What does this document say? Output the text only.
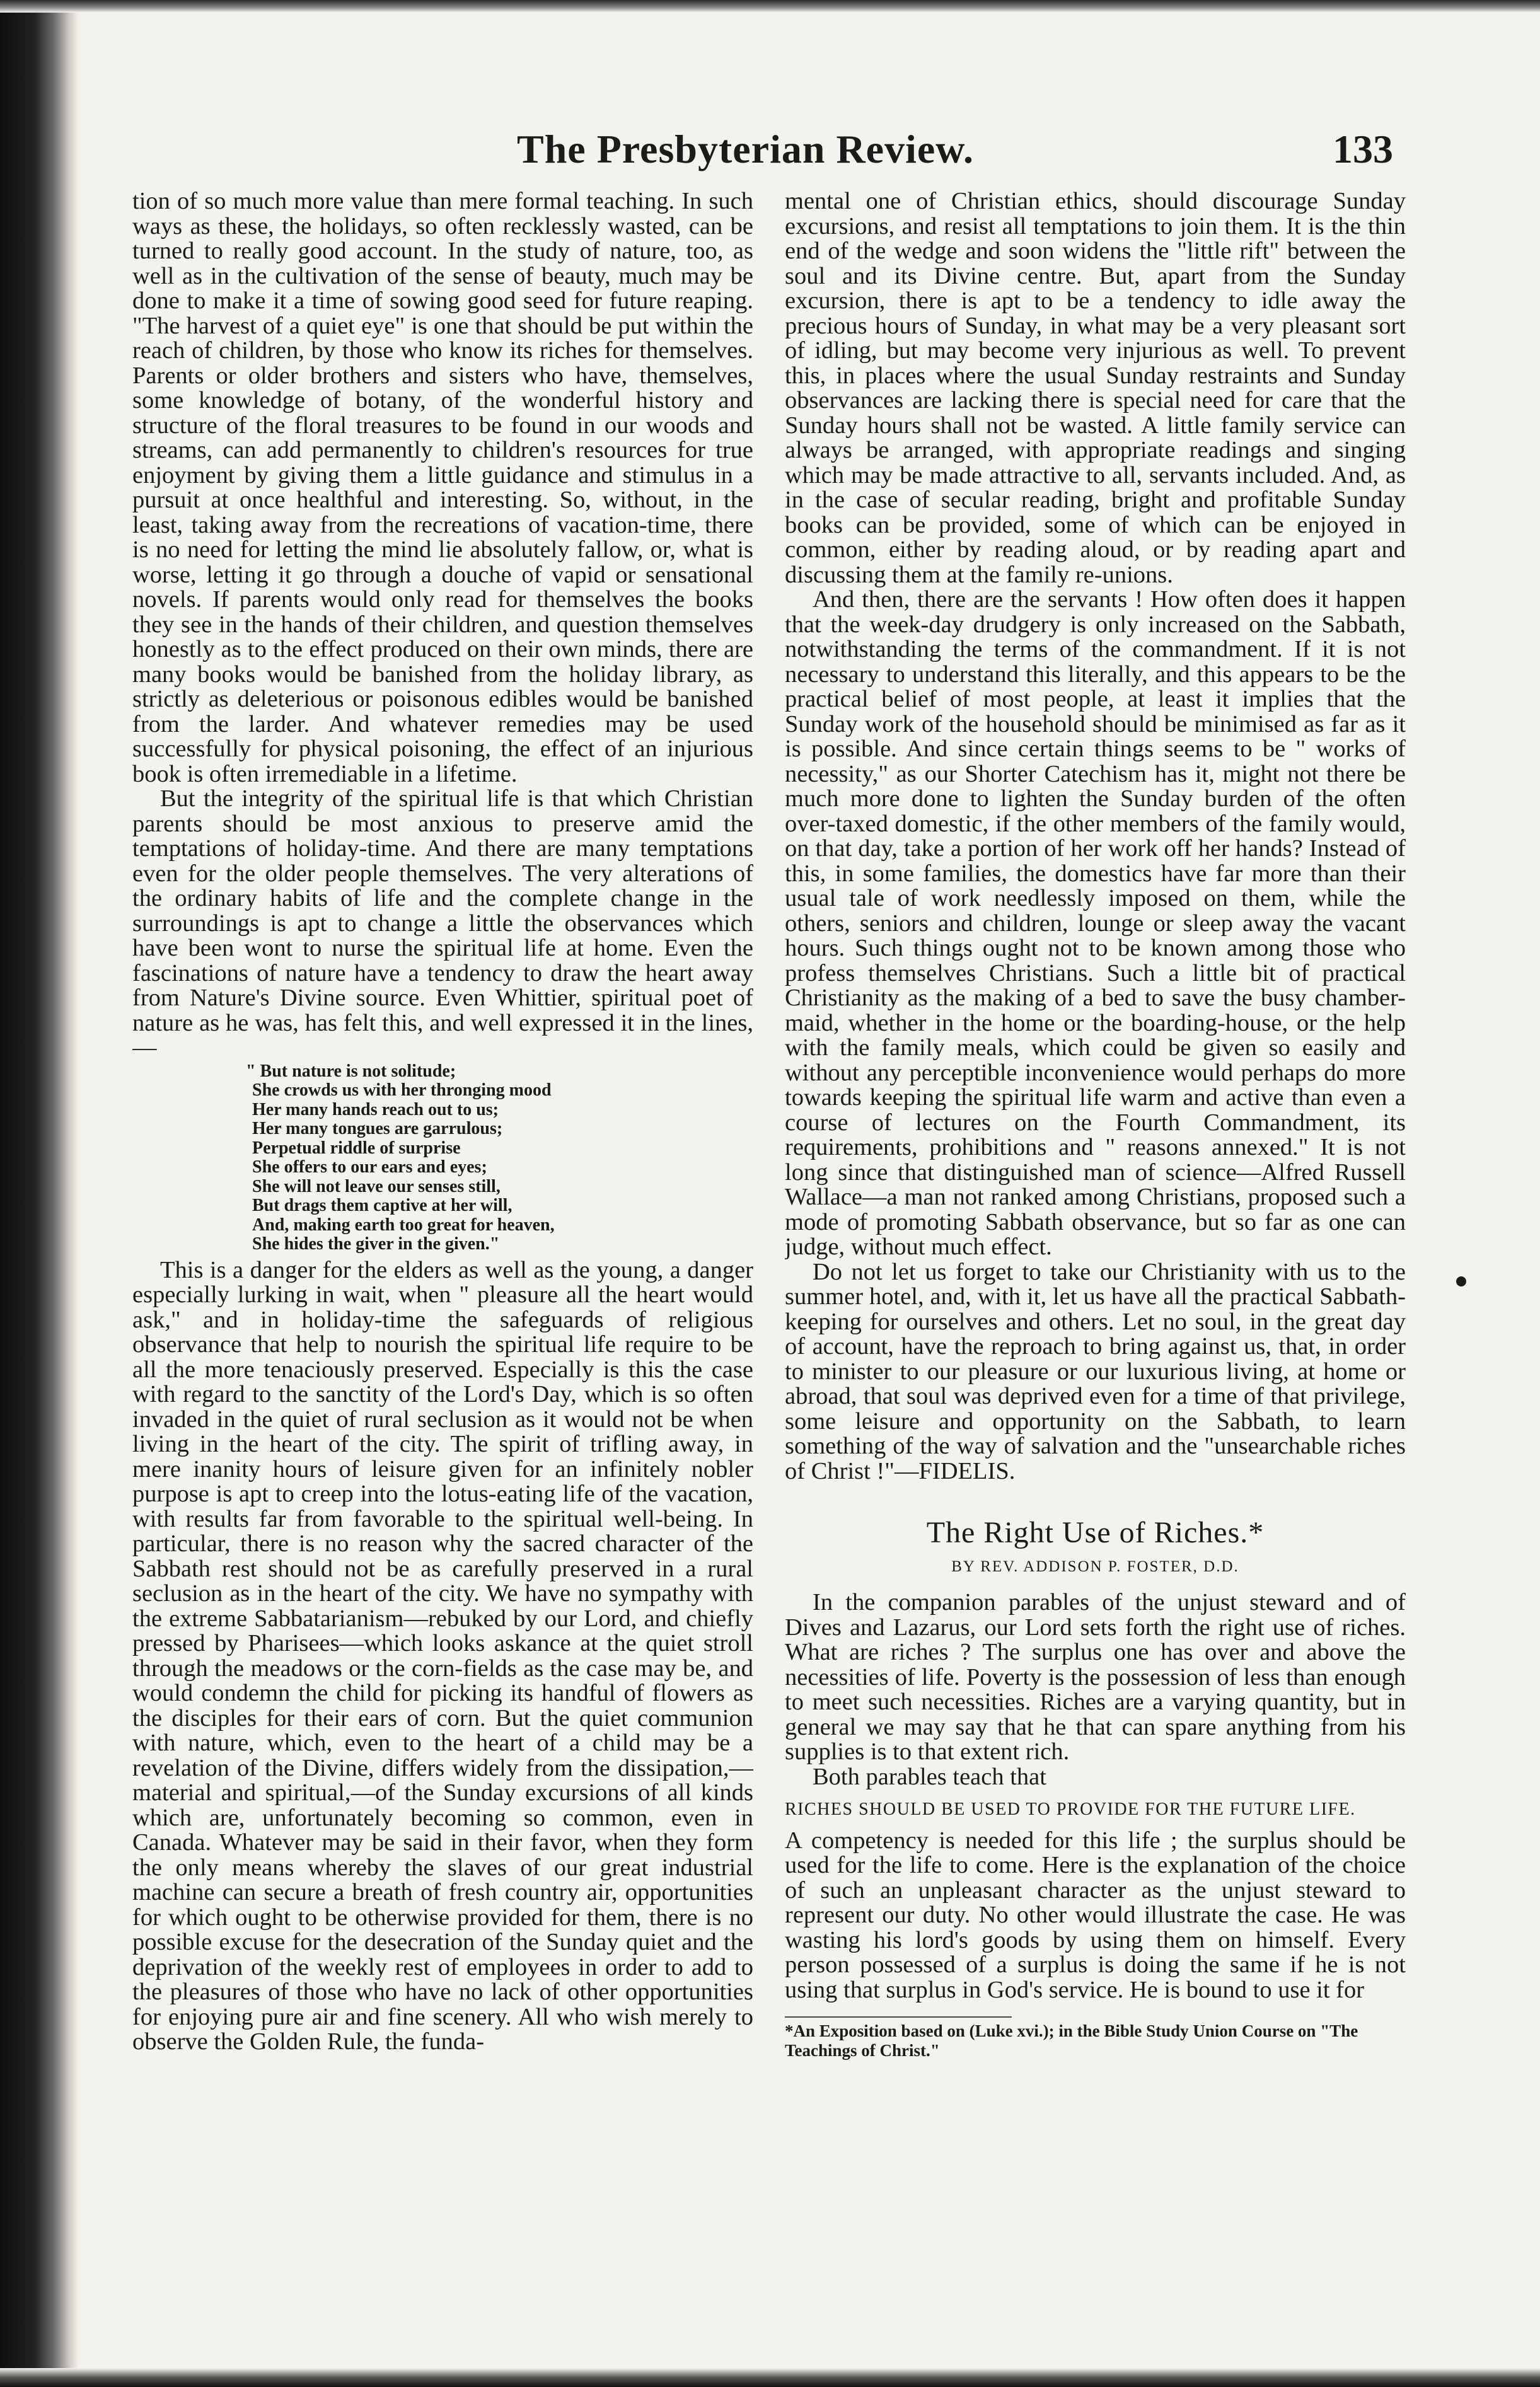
The Presbyterian Review.	133

tion of so much more value than mere formal teaching. In such ways as these, the holidays, so often recklessly wasted, can be turned to really good account. In the study of nature, too, as well as in the cultivation of the sense of beauty, much may be done to make it a time of sowing good seed for future reaping. "The harvest of a quiet eye" is one that should be put within the reach of children, by those who know its riches for themselves. Parents or older brothers and sisters who have, themselves, some knowledge of botany, of the wonderful history and structure of the floral treasures to be found in our woods and streams, can add permanently to children's resources for true enjoyment by giving them a little guidance and stimulus in a pursuit at once healthful and interesting. So, without, in the least, taking away from the recreations of vacation-time, there is no need for letting the mind lie absolutely fallow, or, what is worse, letting it go through a douche of vapid or sensational novels. If parents would only read for themselves the books they see in the hands of their children, and question themselves honestly as to the effect produced on their own minds, there are many books would be banished from the holiday library, as strictly as deleterious or poisonous edibles would be banished from the larder. And whatever remedies may be used successfully for physical poisoning, the effect of an injurious book is often irremediable in a lifetime.

But the integrity of the spiritual life is that which Christian parents should be most anxious to preserve amid the temptations of holiday-time. And there are many temptations even for the older people themselves. The very alterations of the ordinary habits of life and the complete change in the surroundings is apt to change a little the observances which have been wont to nurse the spiritual life at home. Even the fascinations of nature have a tendency to draw the heart away from Nature's Divine source. Even Whittier, spiritual poet of nature as he was, has felt this, and well expressed it in the lines,—

" But nature is not solitude;
She crowds us with her thronging mood
Her many hands reach out to us;
Her many tongues are garrulous;
Perpetual riddle of surprise
She offers to our ears and eyes;
She will not leave our senses still,
But drags them captive at her will,
And, making earth too great for heaven,
She hides the giver in the given."

This is a danger for the elders as well as the young, a danger especially lurking in wait, when " pleasure all the heart would ask," and in holiday-time the safeguards of religious observance that help to nourish the spiritual life require to be all the more tenaciously preserved. Especially is this the case with regard to the sanctity of the Lord's Day, which is so often invaded in the quiet of rural seclusion as it would not be when living in the heart of the city. The spirit of trifling away, in mere inanity hours of leisure given for an infinitely nobler purpose is apt to creep into the lotus-eating life of the vacation, with results far from favorable to the spiritual well-being. In particular, there is no reason why the sacred character of the Sabbath rest should not be as carefully preserved in a rural seclusion as in the heart of the city. We have no sympathy with the extreme Sabbatarianism—rebuked by our Lord, and chiefly pressed by Pharisees—which looks askance at the quiet stroll through the meadows or the corn-fields as the case may be, and would condemn the child for picking its handful of flowers as the disciples for their ears of corn. But the quiet communion with nature, which, even to the heart of a child may be a revelation of the Divine, differs widely from the dissipation,—material and spiritual,—of the Sunday excursions of all kinds which are, unfortunately becoming so common, even in Canada. Whatever may be said in their favor, when they form the only means whereby the slaves of our great industrial machine can secure a breath of fresh country air, opportunities for which ought to be otherwise provided for them, there is no possible excuse for the desecration of the Sunday quiet and the deprivation of the weekly rest of employees in order to add to the pleasures of those who have no lack of other opportunities for enjoying pure air and fine scenery. All who wish merely to observe the Golden Rule, the funda-

mental one of Christian ethics, should discourage Sunday excursions, and resist all temptations to join them. It is the thin end of the wedge and soon widens the "little rift" between the soul and its Divine centre. But, apart from the Sunday excursion, there is apt to be a tendency to idle away the precious hours of Sunday, in what may be a very pleasant sort of idling, but may become very injurious as well. To prevent this, in places where the usual Sunday restraints and Sunday observances are lacking there is special need for care that the Sunday hours shall not be wasted. A little family service can always be arranged, with appropriate readings and singing which may be made attractive to all, servants included. And, as in the case of secular reading, bright and profitable Sunday books can be provided, some of which can be enjoyed in common, either by reading aloud, or by reading apart and discussing them at the family re-unions.

And then, there are the servants ! How often does it happen that the week-day drudgery is only increased on the Sabbath, notwithstanding the terms of the commandment. If it is not necessary to understand this literally, and this appears to be the practical belief of most people, at least it implies that the Sunday work of the household should be minimised as far as it is possible. And since certain things seems to be " works of necessity," as our Shorter Catechism has it, might not there be much more done to lighten the Sunday burden of the often over-taxed domestic, if the other members of the family would, on that day, take a portion of her work off her hands? Instead of this, in some families, the domestics have far more than their usual tale of work needlessly imposed on them, while the others, seniors and children, lounge or sleep away the vacant hours. Such things ought not to be known among those who profess themselves Christians. Such a little bit of practical Christianity as the making of a bed to save the busy chamber-maid, whether in the home or the boarding-house, or the help with the family meals, which could be given so easily and without any perceptible inconvenience would perhaps do more towards keeping the spiritual life warm and active than even a course of lectures on the Fourth Commandment, its requirements, prohibitions and " reasons annexed." It is not long since that distinguished man of science—Alfred Russell Wallace—a man not ranked among Christians, proposed such a mode of promoting Sabbath observance, but so far as one can judge, without much effect.

Do not let us forget to take our Christianity with us to the summer hotel, and, with it, let us have all the practical Sabbath-keeping for ourselves and others. Let no soul, in the great day of account, have the reproach to bring against us, that, in order to minister to our pleasure or our luxurious living, at home or abroad, that soul was deprived even for a time of that privilege, some leisure and opportunity on the Sabbath, to learn something of the way of salvation and the "unsearchable riches of Christ !"—FIDELIS.

The Right Use of Riches.*
BY REV. ADDISON P. FOSTER, D.D.

In the companion parables of the unjust steward and of Dives and Lazarus, our Lord sets forth the right use of riches. What are riches ? The surplus one has over and above the necessities of life. Poverty is the possession of less than enough to meet such necessities. Riches are a varying quantity, but in general we may say that he that can spare anything from his supplies is to that extent rich.

Both parables teach that

RICHES SHOULD BE USED TO PROVIDE FOR THE FUTURE LIFE.

A competency is needed for this life ; the surplus should be used for the life to come. Here is the explanation of the choice of such an unpleasant character as the unjust steward to represent our duty. No other would illustrate the case. He was wasting his lord's goods by using them on himself. Every person possessed of a surplus is doing the same if he is not using that surplus in God's service. He is bound to use it for

*An Exposition based on (Luke xvi.); in the Bible Study Union Course on "The Teachings of Christ."
